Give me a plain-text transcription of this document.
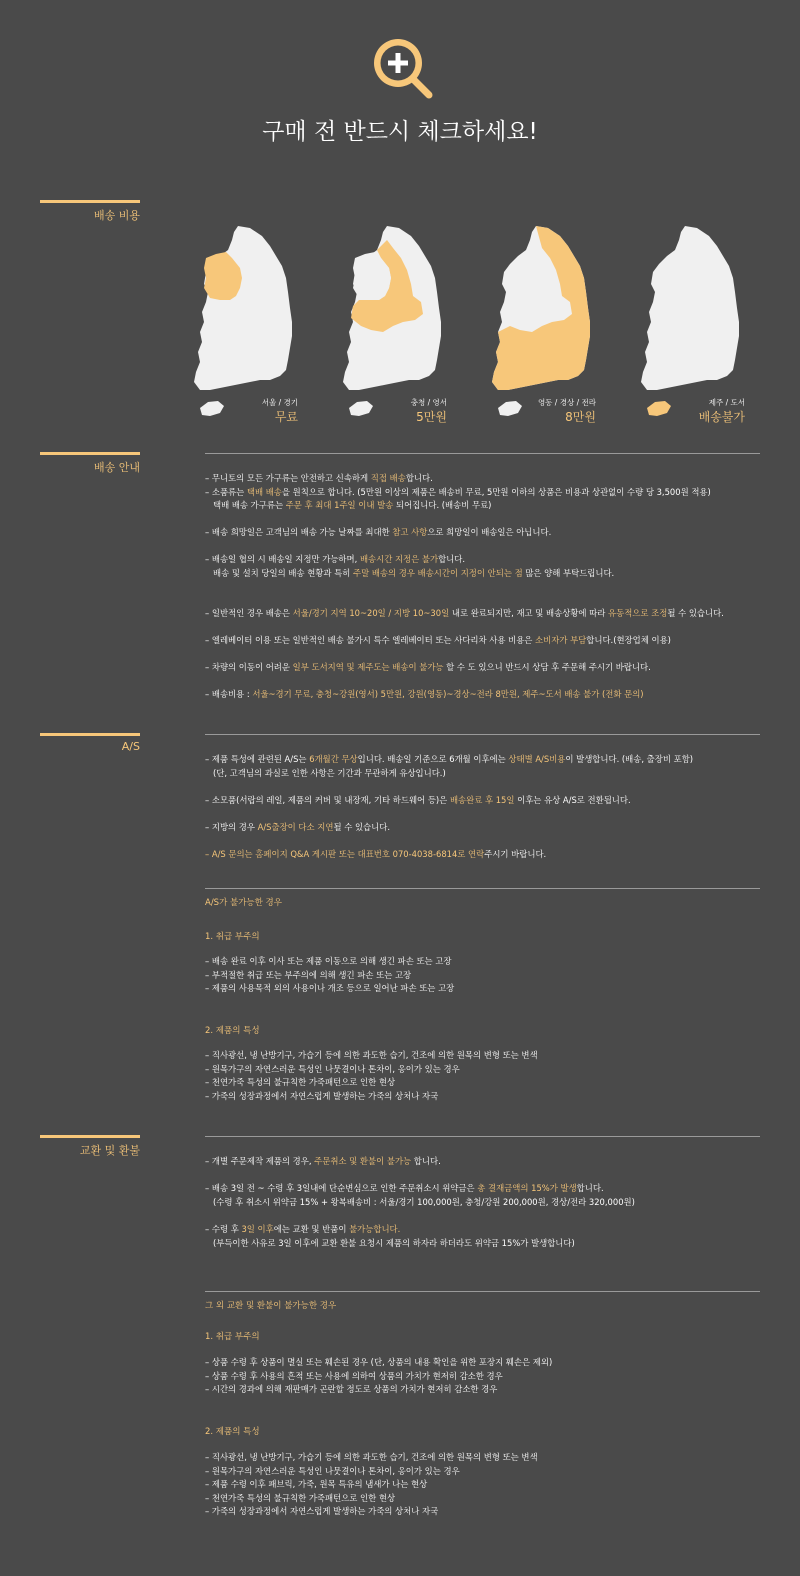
구매 전 반드시 체크하세요!
배송 비용
서울 / 경기
무료
충청 / 영서
5만원
영동 / 경상 / 전라
8만원
제주 / 도서
배송불가
배송 안내

– 무니토의 모든 가구류는 안전하고 신속하게 직접 배송합니다.

– 소품류는 택배 배송을 원칙으로 합니다. (5만원 이상의 제품은 배송비 무료, 5만원 이하의 상품은 비용과 상관없이 수량 당 3,500원 적용)

택배 배송 가구류는 주문 후 최대 1주일 이내 발송 되어집니다. (배송비 무료)

– 배송 희망일은 고객님의 배송 가능 날짜를 최대한 참고 사항으로 희망일이 배송일은 아닙니다.

– 배송일 협의 시 배송일 지정만 가능하며, 배송시간 지정은 불가합니다.

배송 및 설치 당일의 배송 현황과 특히 주말 배송의 경우 배송시간이 지정이 안되는 점 많은 양해 부탁드립니다.

– 일반적인 경우 배송은 서울/경기 지역 10~20일 / 지방 10~30일 내로 완료되지만, 재고 및 배송상황에 따라 유동적으로 조정될 수 있습니다.

– 엘레베이터 이용 또는 일반적인 배송 불가시 특수 엘레베이터 또는 사다리차 사용 비용은 소비자가 부담합니다.(현장업체 이용)

– 차량의 이동이 어려운 일부 도서지역 및 제주도는 배송이 불가능 할 수 도 있으니 반드시 상담 후 주문해 주시기 바랍니다.

– 배송비용 : 서울~경기 무료, 충청~강원(영서) 5만원, 강원(영동)~경상~전라 8만원, 제주~도서 배송 불가 (전화 문의)

A/S

– 제품 특성에 관련된 A/S는 6개월간 무상입니다. 배송일 기준으로 6개월 이후에는 상태별 A/S비용이 발생합니다. (배송, 출장비 포함)

(단, 고객님의 과실로 인한 사항은 기간과 무관하게 유상입니다.)

– 소모품(서랍의 레일, 제품의 커버 및 내장재, 기타 하드웨어 등)은 배송완료 후 15일 이후는 유상 A/S로 전환됩니다.

– 지방의 경우 A/S출장이 다소 지연될 수 있습니다.

– A/S 문의는 홈페이지 Q&A 게시판 또는 대표번호 070-4038-6814로 연락주시기 바랍니다.

A/S가 불가능한 경우
1. 취급 부주의

– 배송 완료 이후 이사 또는 제품 이동으로 의해 생긴 파손 또는 고장

– 부적절한 취급 또는 부주의에 의해 생긴 파손 또는 고장

– 제품의 사용목적 외의 사용이나 개조 등으로 일어난 파손 또는 고장

2. 제품의 특성

– 직사광선, 냉 난방기구, 가습기 등에 의한 과도한 습기, 건조에 의한 원목의 변형 또는 변색

– 원목가구의 자연스러운 특성인 나뭇결이나 톤차이, 옹이가 있는 경우

– 천연가죽 특성의 불규칙한 가죽패턴으로 인한 현상

– 가죽의 성장과정에서 자연스럽게 발생하는 가죽의 상처나 자국

교환 및 환불

– 개별 주문제작 제품의 경우, 주문취소 및 환불이 불가능 합니다.

– 배송 3일 전 ~ 수령 후 3일내에 단순변심으로 인한 주문취소시 위약금은 총 결재금액의 15%가 발생합니다.

(수령 후 취소시 위약금 15% + 왕복배송비 : 서울/경기 100,000원, 충청/강원 200,000원, 경상/전라 320,000원)

– 수령 후 3일 이후에는 교환 및 반품이 불가능합니다.

(부득이한 사유로 3일 이후에 교환 환불 요청시 제품의 하자라 하더라도 위약금 15%가 발생합니다)

그 외 교환 및 환불이 불가능한 경우
1. 취급 부주의

– 상품 수령 후 상품이 멸실 또는 훼손된 경우 (단, 상품의 내용 확인을 위한 포장지 훼손은 제외)

– 상품 수령 후 사용의 흔적 또는 사용에 의하여 상품의 가치가 현저히 감소한 경우

– 시간의 경과에 의해 재판매가 곤란할 정도로 상품의 가치가 현저히 감소한 경우

2. 제품의 특성

– 직사광선, 냉 난방기구, 가습기 등에 의한 과도한 습기, 건조에 의한 원목의 변형 또는 변색

– 원목가구의 자연스러운 특성인 나뭇결이나 톤차이, 옹이가 있는 경우

– 제품 수령 이후 패브릭, 가죽, 원목 특유의 냄새가 나는 현상

– 천연가죽 특성의 불규칙한 가죽패턴으로 인한 현상

– 가죽의 성장과정에서 자연스럽게 발생하는 가죽의 상처나 자국
